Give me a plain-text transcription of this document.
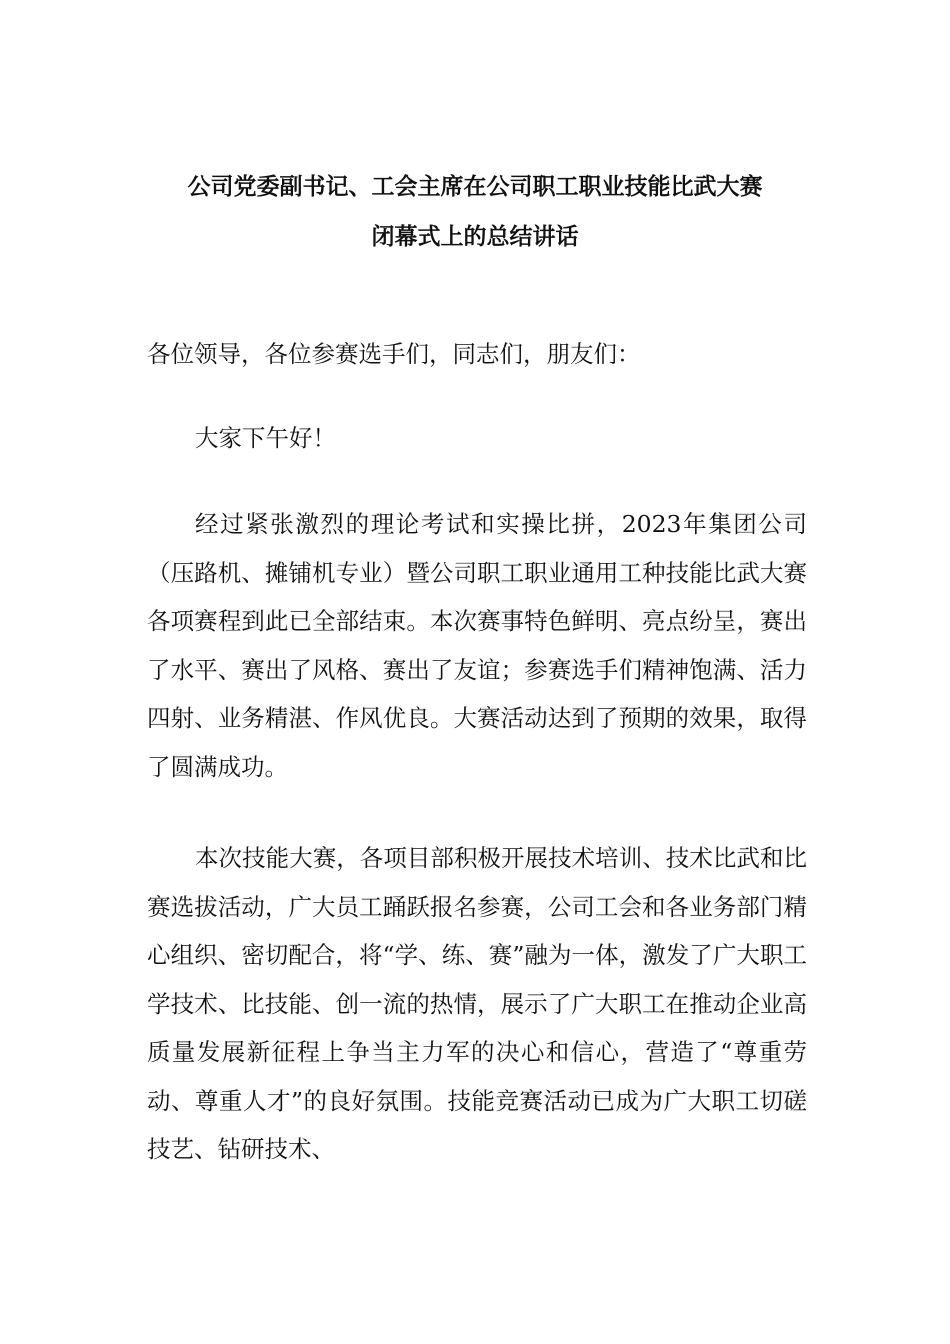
公司党委副书记、工会主席在公司职工职业技能比武大赛
闭幕式上的总结讲话

各位领导，各位参赛选手们，同志们，朋友们：

大家下午好！

经过紧张激烈的理论考试和实操比拼，2023年集团公司（压路机、摊铺机专业）暨公司职工职业通用工种技能比武大赛各项赛程到此已全部结束。本次赛事特色鲜明、亮点纷呈，赛出了水平、赛出了风格、赛出了友谊；参赛选手们精神饱满、活力四射、业务精湛、作风优良。大赛活动达到了预期的效果，取得了圆满成功。

本次技能大赛，各项目部积极开展技术培训、技术比武和比赛选拔活动，广大员工踊跃报名参赛，公司工会和各业务部门精心组织、密切配合，将“学、练、赛”融为一体，激发了广大职工学技术、比技能、创一流的热情，展示了广大职工在推动企业高质量发展新征程上争当主力军的决心和信心，营造了“尊重劳动、尊重人才”的良好氛围。技能竞赛活动已成为广大职工切磋技艺、钻研技术、
